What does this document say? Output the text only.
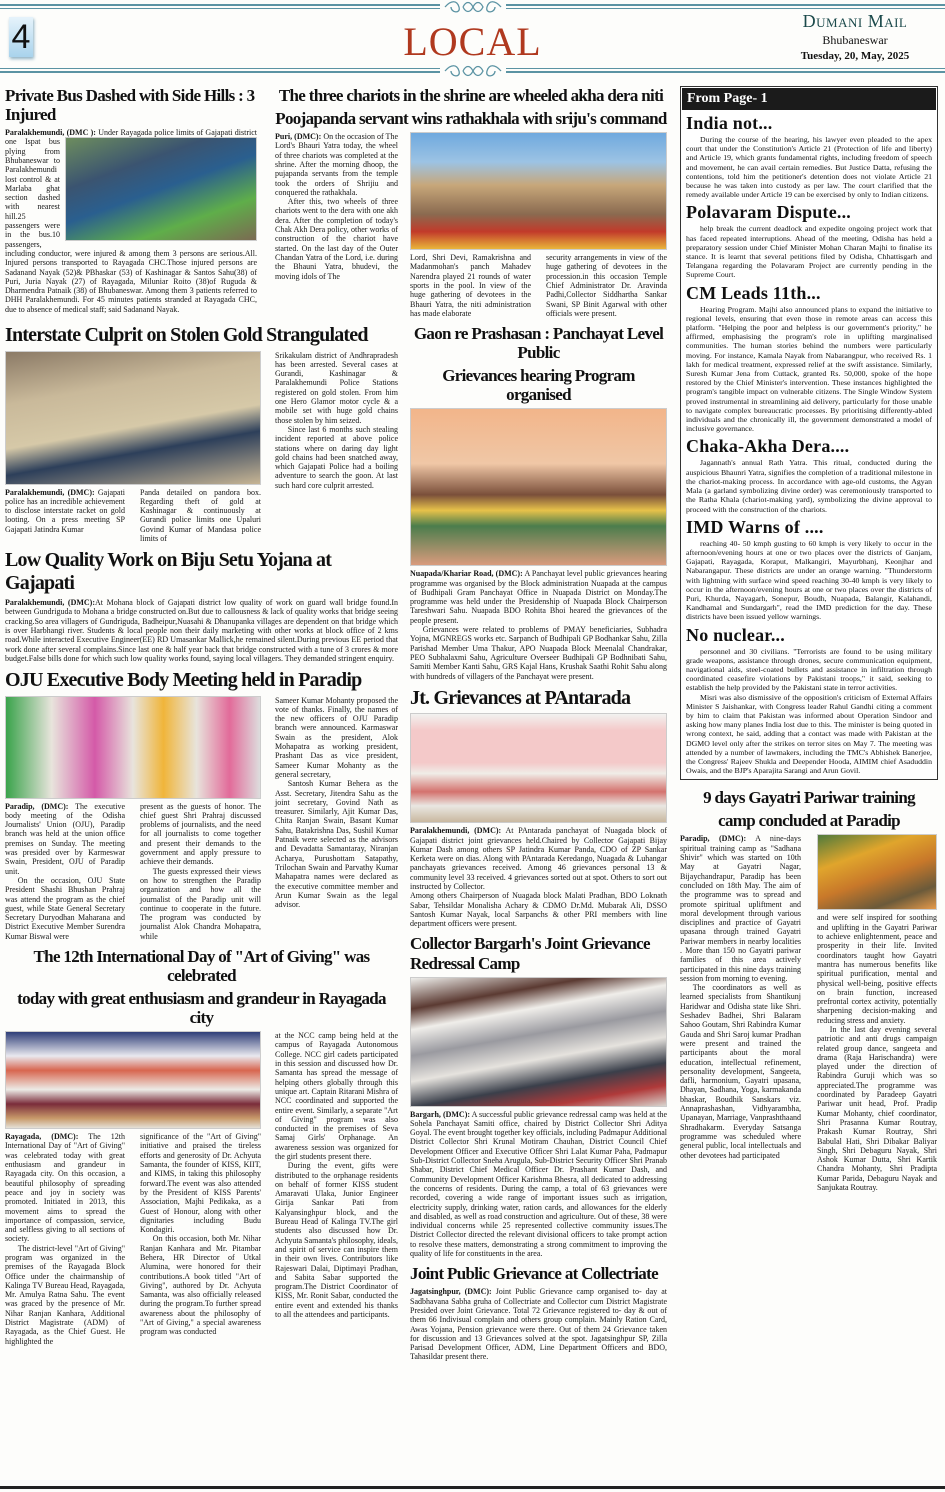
4	LOCAL	Dumani Mail
Bhubaneswar
Tuesday, 20, May, 2025
Private Bus Dashed with Side Hills : 3 Injured

Paralakhemundi, (DMC ): Under Rayagada police limits of Gajapati district one Ispat bus plying from Bhubaneswar to Paralakhemundi lost control & at Marlaba ghat section dashed with nearest hill.25 passengers were in the bus.10 passengers, including conductor, were injured & among them 3 persons are serious.All. Injured persons transported to Rayagada CHC.Those injured persons are Sadanand Nayak (52)& PBhaskar (53) of Kashinagar & Santos Sahu(38) of Puri, Juria Nayak (27) of Rayagada, Miluniar Roito (38)of Ruguda & Dharmendra Patnaik (38) of Bhubaneswar. Among them 3 patients referred to DHH Paralakhemundi. For 45 minutes patients stranded at Rayagada CHC, due to absence of medical staff; said Sadanand Nayak.

The three chariots in the shrine are wheeled akha dera niti
Poojapanda servant wins rathakhala with sriju's command

Puri, (DMC): On the occasion of The Lord's Bhauri Yatra today, the wheel of three chariots was completed at the shrine. After the morning dhoop, the pujapanda servants from the temple took the orders of Shrijiu and conquered the rathakhala.

After this, two wheels of three chariots went to the dera with one akh dera. After the completion of today's Chak Akh Dera policy, other works of construction of the chariot have started. On the last day of the Outer Chandan Yatra of the Lord, i.e. during the Bhauni Yatra, bhudevi, the moving idols of The

Lord, Shri Devi, Ramakrishna and Madanmohan's panch Mahadev Narendra played 21 rounds of water sports in the pool. In view of the huge gathering of devotees in the Bhauri Yatra, the niti administration has made elaborate
security arrangements in view of the huge gathering of devotees in the procession.in this occasion Temple Chief Administrator Dr. Aravinda Padhi,Collector Siddhartha Sankar Swani, SP Binit Agarwal with other officials were present.
Interstate Culprit on Stolen Gold Strangulated

Paralakhemundi, (DMC): Gajapati police has an incredible achievement to disclose interstate racket on gold looting. On a press meeting SP Gajapati Jatindra Kumar

Panda detailed on pandora box. Regarding theft of gold at Kashinagar & continuously at Gurandi police limits one Upaluri Govind Kumar of Mandasa police limits of

Srikakulam district of Andhrapradesh has been arrested. Several cases at Gurandi, Kashinagar & Paralakhemundi Police Stations registered on gold stolen. From him one Hero Glamor motor cycle & a mobile set with huge gold chains those stolen by him seized.

Since last 6 months such stealing incident reported at above police stations where on daring day light gold chains had been snatched away, which Gajapati Police had a boiling adventure to search the goon. At last such hard core culprit arrested.

Low Quality Work on Biju Setu Yojana at Gajapati

Paralakhemundi, (DMC):At Mohana block of Gajapati district low quality of work on guard wall bridge found.In between Gundriguda to Mohana a bridge constructed on.But due to callousness & lack of quality works that bridge seeing cracking.So area villagers of Gundriguda, Badheipur,Nuasahi & Dhanupanka villages are dependent on that bridge which is over Harbhangi river. Students & local people non their daily marketing with other works at block office of 2 kms road.While interacted Executive Engineer(EE) RD Umasankar Mallick,he remained silent.During previous EE period that work done after several complains.Since last one & half year back that bridge constructed with a tune of 3 crores & more budget.False bills done for which such low quality works found, saying local villagers. They demanded stringent enquiry.

OJU Executive Body Meeting held in Paradip

Paradip, (DMC): The executive body meeting of the Odisha Journalists' Union (OJU), Paradip branch was held at the union office premises on Sunday. The meeting was presided over by Karmeswar Swain, President, OJU of Paradip unit.

On the occasion, OJU State President Shashi Bhushan Prahraj was attend the program as the chief guest, while State General Secretary Secretary Duryodhan Maharana and District Executive Member Surendra Kumar Biswal were

present as the guests of honor. The chief guest Shri Prahraj discussed problems of journalists, and the need for all journalists to come together and present their demands to the government and apply pressure to achieve their demands.

The guests expressed their views on how to strengthen the Paradip organization and how all the journalist of the Paradip unit will continue to cooperate in the future. The program was conducted by journalist Alok Chandra Mohapatra, while

Sameer Kumar Mohanty proposed the vote of thanks. Finally, the names of the new officers of OJU Paradip branch were announced. Karmaswar Swain as the president, Alok Mohapatra as working president, Prashant Das as vice president, Sameer Kumar Mohanty as the general secretary,

Santosh Kumar Behera as the Asst. Secretary, Jitendra Sahu as the joint secretary, Govind Nath as treasurer. Similarly, Ajit Kumar Das, Chita Ranjan Swain, Basant Kumar Sahu, Batakrishna Das, Sushil Kumar Patnaik were selected as the advisors and Devadatta Samantaray, Niranjan Acharya, Purushottam Satapathy, Trilochan Swain and Parvathy Kumar Mahapatra names were declared as the executive committee member and Arun Kumar Swain as the legal advisor.

The 12th International Day of "Art of Giving" was celebrated
today with great enthusiasm and grandeur in Rayagada city

Rayagada, (DMC): The 12th International Day of "Art of Giving" was celebrated today with great enthusiasm and grandeur in Rayagada city. On this occasion, a beautiful philosophy of spreading peace and joy in society was promoted. Initiated in 2013, this movement aims to spread the importance of compassion, service, and selfless giving to all sections of society.

The district-level "Art of Giving" program was organized in the premises of the Rayagada Block Office under the chairmanship of Kalinga TV Bureau Head, Rayagada, Mr. Amulya Ratna Sahu. The event was graced by the presence of Mr. Nihar Ranjan Kanhara, Additional District Magistrate (ADM) of Rayagada, as the Chief Guest. He highlighted the

significance of the "Art of Giving" initiative and praised the tireless efforts and generosity of Dr. Achyuta Samanta, the founder of KISS, KIIT, and KIMS, in taking this philosophy forward.The event was also attended by the President of KISS Parents' Association, Majhi Pedikaka, as a Guest of Honour, along with other dignitaries including Budu Kondagiri.

On this occasion, both Mr. Nihar Ranjan Kanhara and Mr. Pitambar Behera, HR Director of Utkal Alumina, were honored for their contributions.A book titled "Art of Giving", authored by Dr. Achyuta Samanta, was also officially released during the program.To further spread awareness about the philosophy of "Art of Giving," a special awareness program was conducted

at the NCC camp being held at the campus of Rayagada Autonomous College. NCC girl cadets participated in this session and discussed how Dr. Samanta has spread the message of helping others globally through this unique art. Captain Ritarani Mishra of NCC coordinated and supported the entire event. Similarly, a separate "Art of Giving" program was also conducted in the premises of Seva Samaj Girls' Orphanage. An awareness session was organized for the girl students present there.

During the event, gifts were distributed to the orphanage residents on behalf of former KISS student Amaravati Ulaka, Junior Engineer Girija Sankar Pati from Kalyansinghpur block, and the Bureau Head of Kalinga TV.The girl students also discussed how Dr. Achyuta Samanta's philosophy, ideals, and spirit of service can inspire them in their own lives. Contributors like Rajeswari Dalai, Diptimayi Pradhan, and Sabita Sabar supported the program.The District Coordinator of KISS, Mr. Ronit Sabar, conducted the entire event and extended his thanks to all the attendees and participants.

Gaon re Prashasan : Panchayat Level Public
Grievances hearing Program organised

Nuapada/Khariar Road, (DMC): A Panchayat level public grievances hearing programme was organised by the Block administration Nuapada at the campus of Budhipali Gram Panchayat Office in Nuapada District on Monday.The programme was held under the Presidenship of Nuapada Block Chairperson Tareshwari Sahu. Nuapada BDO Rohita Bhoi heared the grievances of the people present.

Grievances were related to problems of PMAY beneficiaries, Subhadra Yojna, MGNREGS works etc. Sarpanch of Budhipali GP Bodhankar Sahu, Zilla Parishad Member Uma Thakur, APO Nuapada Block Meenalal Chandrakar, PEO Subhalaxmi Sahu, Agriculture Overseer Budhipali GP Bodhnibati Sahu, Samiti Member Kanti Sahu, GRS Kajal Hans, Krushak Saathi Rohit Sahu along with hundreds of villagers of the Panchayat were present.

Jt. Grievances at PAntarada

Paralakhemundi, (DMC): At PAntarada panchayat of Nuagada block of Gajapati district joint grievances held.Chaired by Collector Gajapati Bijay Kumar Dash among others SP Jatindra Kumar Panda, CDO of ZP Sankar Kerketa were on dias. Along with PAntarada Keredango, Nuagada & Luhangar panchayats grievances received. Among 46 grievances personal 13 & community level 33 received. 4 grievances sorted out at spot. Others to sort out instructed by Collector.

Among others Chairperson of Nuagada block Malati Pradhan, BDO Loknath Sabar, Tehsildar Monalisha Achary & CDMO Dr.Md. Mubarak Ali, DSSO Santosh Kumar Nayak, local Sarpanchs & other PRI members with line department officers were present.

Collector Bargarh's Joint Grievance Redressal Camp

Bargarh, (DMC): A successful public grievance redressal camp was held at the Sohela Panchayat Samiti office, chaired by District Collector Shri Aditya Goyal. The event brought together key officials, including Padmapur Additional District Collector Shri Krunal Motiram Chauhan, District Council Chief Development Officer and Executive Officer Shri Lalat Kumar Paha, Padmapur Sub-District Collector Sneha Arugula, Sub-District Security Officer Shri Pranab Shabar, District Chief Medical Officer Dr. Prashant Kumar Dash, and Community Development Officer Karishma Bhesra, all dedicated to addressing the concerns of residents. During the camp, a total of 63 grievances were recorded, covering a wide range of important issues such as irrigation, electricity supply, drinking water, ration cards, and allowances for the elderly and disabled, as well as road construction and agriculture. Out of these, 38 were individual concerns while 25 represented collective community issues.The District Collector directed the relevant divisional officers to take prompt action to resolve these matters, demonstrating a strong commitment to improving the quality of life for constituents in the area.

Joint Public Grievance at Collectriate

Jagatsinghpur, (DMC): Joint Public Grievance camp organised to- day at Sadbhavana Sabha gruha of Collectriate and Collector cum District Magistrate Presided over Joint Grievance. Total 72 Grievance registered to- day & out of them 66 Indivisual complain and others group complain. Mainly Ration Card, Awas Yojana, Pension grievance were there. Out of them 24 Grievance taken for discussion and 13 Grievances solved at the spot. Jagatsinghpur SP, Zilla Parisad Development Officer, ADM, Line Department Officers and BDO, Tahasildar present there.

From Page- 1
India not...

During the course of the hearing, his lawyer even pleaded to the apex court that under the Constitution's Article 21 (Protection of life and liberty) and Article 19, which grants fundamental rights, including freedom of speech and movement, he can avail certain remedies. But Justice Datta, refusing the contentions, told him the petitioner's detention does not violate Article 21 because he was taken into custody as per law. The court clarified that the remedy available under Article 19 can be exercised by only to Indian citizens.

Polavaram Dispute...

help break the current deadlock and expedite ongoing project work that has faced repeated interruptions. Ahead of the meeting, Odisha has held a preparatory session under Chief Minister Mohan Charan Majhi to finalise its stance. It is learnt that several petitions filed by Odisha, Chhattisgarh and Telangana regarding the Polavaram Project are currently pending in the Supreme Court.

CM Leads 11th...

Hearing Program. Majhi also announced plans to expand the initiative to regional levels, ensuring that even those in remote areas can access this platform. "Helping the poor and helpless is our government's priority," he affirmed, emphasising the program's role in uplifting marginalised communities. The human stories behind the numbers were particularly moving. For instance, Kamala Nayak from Nabarangpur, who received Rs. 1 lakh for medical treatment, expressed relief at the swift assistance. Similarly, Suresh Kumar Jena from Cuttack, granted Rs. 50,000, spoke of the hope restored by the Chief Minister's intervention. These instances highlighted the program's tangible impact on vulnerable citizens. The Single Window System proved instrumental in streamlining aid delivery, particularly for those unable to navigate complex bureaucratic processes. By prioritising differently-abled individuals and the chronically ill, the government demonstrated a model of inclusive governance.

Chaka-Akha Dera....

Jagannath's annual Rath Yatra. This ritual, conducted during the auspicious Bhaunri Yatra, signifies the completion of a traditional milestone in the chariot-making process. In accordance with age-old customs, the Agyan Mala (a garland symbolizing divine order) was ceremoniously transported to the Ratha Khala (chariot-making yard), symbolizing the divine approval to proceed with the construction of the chariots.

IMD Warns of ....

reaching 40- 50 kmph gusting to 60 kmph is very likely to occur in the afternoon/evening hours at one or two places over the districts of Ganjam, Gajapati, Rayagada, Koraput, Malkangiri, Mayurbhanj, Keonjhar and Nabarangapur. These districts are under an orange warning. "Thunderstorm with lightning with surface wind speed reaching 30-40 kmph is very likely to occur in the afternoon/evening hours at one or two places over the districts of Puri, Khurda, Nayagarh, Sonepur, Boudh, Nuapada, Balangir, Kalahandi, Kandhamal and Sundargarh", read the IMD prediction for the day. These districts have been issued yellow warnings.

No nuclear...

personnel and 30 civilians. "Terrorists are found to be using military grade weapons, assistance through drones, secure communication equipment, navigational aids, steel-coated bullets and assistance in infiltration through coordinated ceasefire violations by Pakistani troops," it said, seeking to establish the help provided by the Pakistani state in terror activities.

Misri was also dismissive of the opposition's criticism of External Affairs Minister S Jaishankar, with Congress leader Rahul Gandhi citing a comment by him to claim that Pakistan was informed about Operation Sindoor and asking how many planes India lost due to this. The minister is being quoted in wrong context, he said, adding that a contact was made with Pakistan at the DGMO level only after the strikes on terror sites on May 7. The meeting was attended by a number of lawmakers, including the TMC's Abhishek Banerjee, the Congress' Rajeev Shukla and Deepender Hooda, AIMIM chief Asaduddin Owais, and the BJP's Aparajita Sarangi and Arun Govil.

9 days Gayatri Pariwar training
camp concluded at Paradip

Paradip, (DMC): A nine-days spiritual training camp as "Sadhana Shivir" which was started on 10th May at Gayatri Nagar, Bijaychandrapur, Paradip has been concluded on 18th May. The aim of the programme was to spread and promote spiritual upliftment and moral development through various disciplines and practice of Gayatri upasana through trained Gayatri Pariwar members in nearby localities . More than 150 no Gayatri pariwar families of this area actively participated in this nine days training session from morning to evening.

The coordinators as well as learned specialists from Shantikunj Haridwar and Odisha state like Shri. Seshadev Badhei, Shri Balaram Sahoo Goutam, Shri Rabindra Kumar Gauda and Shri Saroj kumar Pradhan were present and trained the participants about the moral education, intellectual refinement, personality development, Sangeeta, dafli, harmonium, Gayatri upasana, Dhayan, Sadhana, Yoga, karmakanda bhaskar, Boudhik Sanskars viz. Annaprashashan, Vidhyarambha, Upanayan, Marriage, Vanprashthaand Shradhakarm. Everyday Satsanga programme was scheduled where general public, local intellectuals and other devotees had participated

and were self inspired for soothing and uplifting in the Gayatri Pariwar to achieve enlightenment, peace and prosperity in their life. Invited coordinators taught how Gayatri mantra has numerous benefits like spiritual purification, mental and physical well-being, positive effects on brain function, increased prefrontal cortex activity, potentially sharpening decision-making and reducing stress and anxiety.

In the last day evening several patriotic and anti drugs campaign related group dance, sangeeta and drama (Raja Harischandra) were played under the direction of Rabindra Guruji which was so appreciated.The programme was coordinated by Paradeep Gayatri Pariwar unit head, Prof. Pradip Kumar Mohanty, chief coordinator, Shri Prasanna Kumar Routray, Prakash Kumar Routray, Shri Babulal Hati, Shri Dibakar Baliyar Singh, Shri Debaguru Nayak, Shri Ashok Kumar Dutta, Shri Kartik Chandra Mohanty, Shri Pradipta Kumar Parida, Debaguru Nayak and Sanjukata Routray.
